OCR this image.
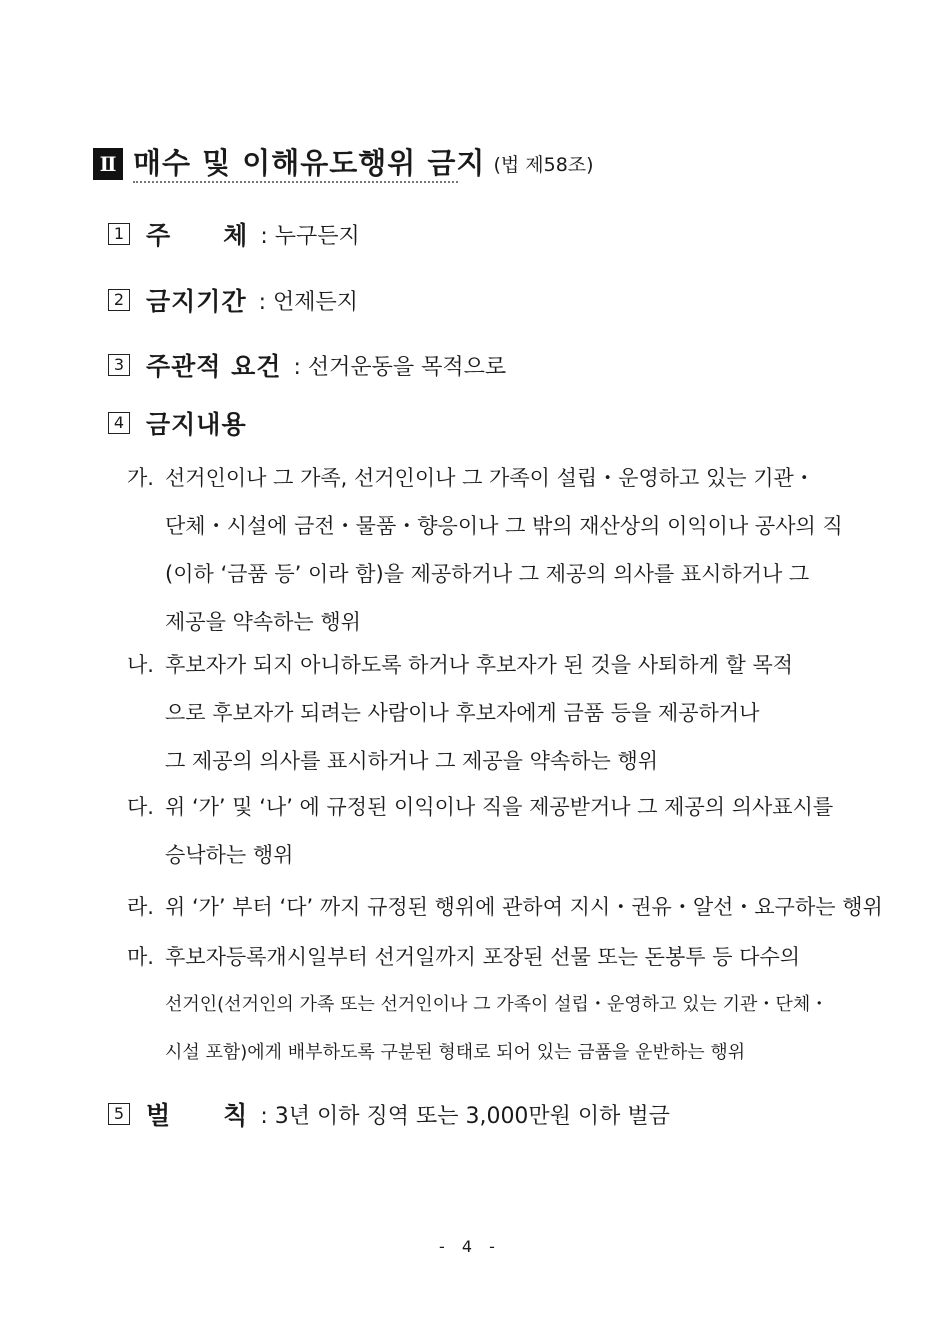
Ⅱ 매수 및 이해유도행위 금지 (법 제58조)
1 주　　체 : 누구든지
2 금지기간 : 언제든지
3 주관적 요건 : 선거운동을 목적으로
4 금지내용
가. 선거인이나 그 가족, 선거인이나 그 가족이 설립・운영하고 있는 기관・
단체・시설에 금전・물품・향응이나 그 밖의 재산상의 이익이나 공사의 직
(이하 ‘금품 등’ 이라 함)을 제공하거나 그 제공의 의사를 표시하거나 그
제공을 약속하는 행위
나. 후보자가 되지 아니하도록 하거나 후보자가 된 것을 사퇴하게 할 목적
으로 후보자가 되려는 사람이나 후보자에게 금품 등을 제공하거나
그 제공의 의사를 표시하거나 그 제공을 약속하는 행위
다. 위 ‘가’ 및 ‘나’ 에 규정된 이익이나 직을 제공받거나 그 제공의 의사표시를
승낙하는 행위
라. 위 ‘가’ 부터 ‘다’ 까지 규정된 행위에 관하여 지시・권유・알선・요구하는 행위
마. 후보자등록개시일부터 선거일까지 포장된 선물 또는 돈봉투 등 다수의
선거인(선거인의 가족 또는 선거인이나 그 가족이 설립・운영하고 있는 기관・단체・
시설 포함)에게 배부하도록 구분된 형태로 되어 있는 금품을 운반하는 행위
5 벌　　칙 : 3년 이하 징역 또는 3,000만원 이하 벌금
- 4 -
